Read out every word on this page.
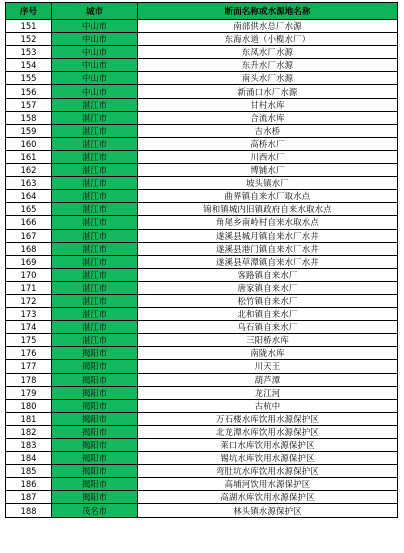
序号	城市	断面名称或水源地名称
151	中山市	南部供水总厂水源
152	中山市	东海水道（小榄水厂）
153	中山市	东凤水厂水源
154	中山市	东升水厂水源
155	中山市	南头水厂水源
156	中山市	新涌口水厂水源
157	湛江市	甘村水库
158	湛江市	合流水库
159	湛江市	吉水桥
160	湛江市	高桥水厂
161	湛江市	川西水厂
162	湛江市	博铺水厂
163	湛江市	坡头镇水厂
164	湛江市	曲界镇自来水厂取水点
165	湛江市	锦和镇城内旧镇政府自来水取水点
166	湛江市	角尾乡南岭村自来水取水点
167	湛江市	遂溪县城月镇自来水厂水井
168	湛江市	遂溪县港门镇自来水厂水井
169	湛江市	遂溪县草潭镇自来水厂水井
170	湛江市	客路镇自来水厂
171	湛江市	唐家镇自来水厂
172	湛江市	松竹镇自来水厂
173	湛江市	北和镇自来水厂
174	湛江市	乌石镇自来水厂
175	湛江市	三阳桥水库
176	揭阳市	南陇水库
177	揭阳市	川天王
178	揭阳市	葫芦潭
179	揭阳市	龙江河
180	揭阳市	古杭中
181	揭阳市	万石楼水库饮用水源保护区
182	揭阳市	北龙潭水库饮用水源保护区
183	揭阳市	莱口水库饮用水源保护区
184	揭阳市	锡坑水库饮用水源保护区
185	揭阳市	弯肚坑水库饮用水源保护区
186	揭阳市	高埔河饮用水源保护区
187	揭阳市	高湖水库饮用水源保护区
188	茂名市	林头镇水源保护区
